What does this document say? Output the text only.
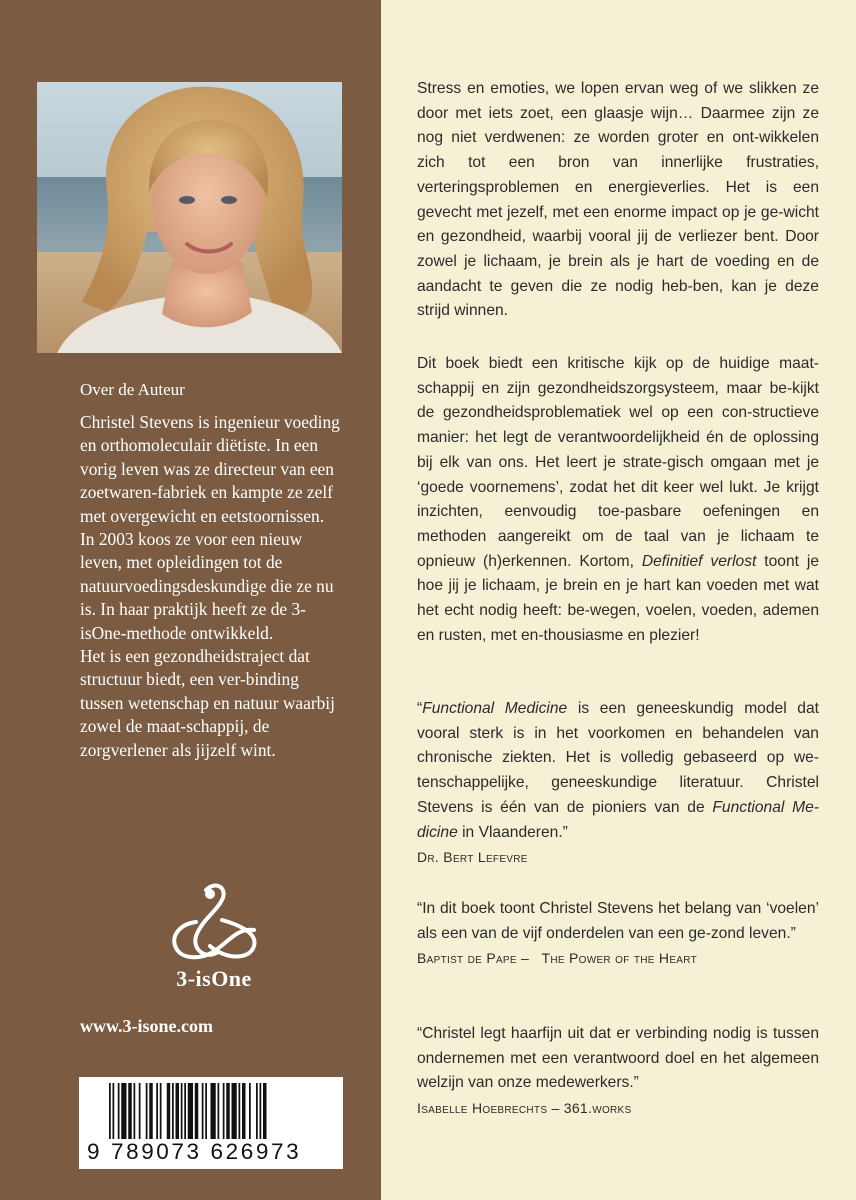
Over de Auteur

Christel Stevens is ingenieur voeding en orthomoleculair diëtiste. In een vorig leven was ze directeur van een zoetwaren-fabriek en kampte ze zelf met overgewicht en eetstoornissen. In 2003 koos ze voor een nieuw leven, met opleidingen tot de natuurvoedingsdeskundige die ze nu is. In haar praktijk heeft ze de 3-isOne-methode ontwikkeld.

Het is een gezondheidstraject dat structuur biedt, een ver-binding tussen wetenschap en natuur waarbij zowel de maat-schappij, de zorgverlener als jijzelf wint.

3-isOne
www.3-isone.com
9 789073 626973

Stress en emoties, we lopen ervan weg of we slikken ze door met iets zoet, een glaasje wijn… Daarmee zijn ze nog niet verdwenen: ze worden groter en ont-wikkelen zich tot een bron van innerlijke frustraties, verteringsproblemen en energieverlies. Het is een gevecht met jezelf, met een enorme impact op je ge-wicht en gezondheid, waarbij vooral jij de verliezer bent. Door zowel je lichaam, je brein als je hart de voeding en de aandacht te geven die ze nodig heb-ben, kan je deze strijd winnen.

Dit boek biedt een kritische kijk op de huidige maat-schappij en zijn gezondheidszorgsysteem, maar be-kijkt de gezondheidsproblematiek wel op een con-structieve manier: het legt de verantwoordelijkheid én de oplossing bij elk van ons. Het leert je strate-gisch omgaan met je ‘goede voornemens’, zodat het dit keer wel lukt. Je krijgt inzichten, eenvoudig toe-pasbare oefeningen en methoden aangereikt om de taal van je lichaam te opnieuw (h)erkennen. Kortom, Definitief verlost toont je hoe jij je lichaam, je brein en je hart kan voeden met wat het echt nodig heeft: be-wegen, voelen, voeden, ademen en rusten, met en-thousiasme en plezier!

“Functional Medicine is een geneeskundig model dat vooral sterk is in het voorkomen en behandelen van chronische ziekten. Het is volledig gebaseerd op we-tenschappelijke, geneeskundige literatuur. Christel Stevens is één van de pioniers van de Functional Me-dicine in Vlaanderen.”

Dr. Bert Lefevre

“In dit boek toont Christel Stevens het belang van ‘voelen’ als een van de vijf onderdelen van een ge-zond leven.”

Baptist de Pape – The Power of the Heart

“Christel legt haarfijn uit dat er verbinding nodig is tussen ondernemen met een verantwoord doel en het algemeen welzijn van onze medewerkers.”

Isabelle Hoebrechts – 361.works
